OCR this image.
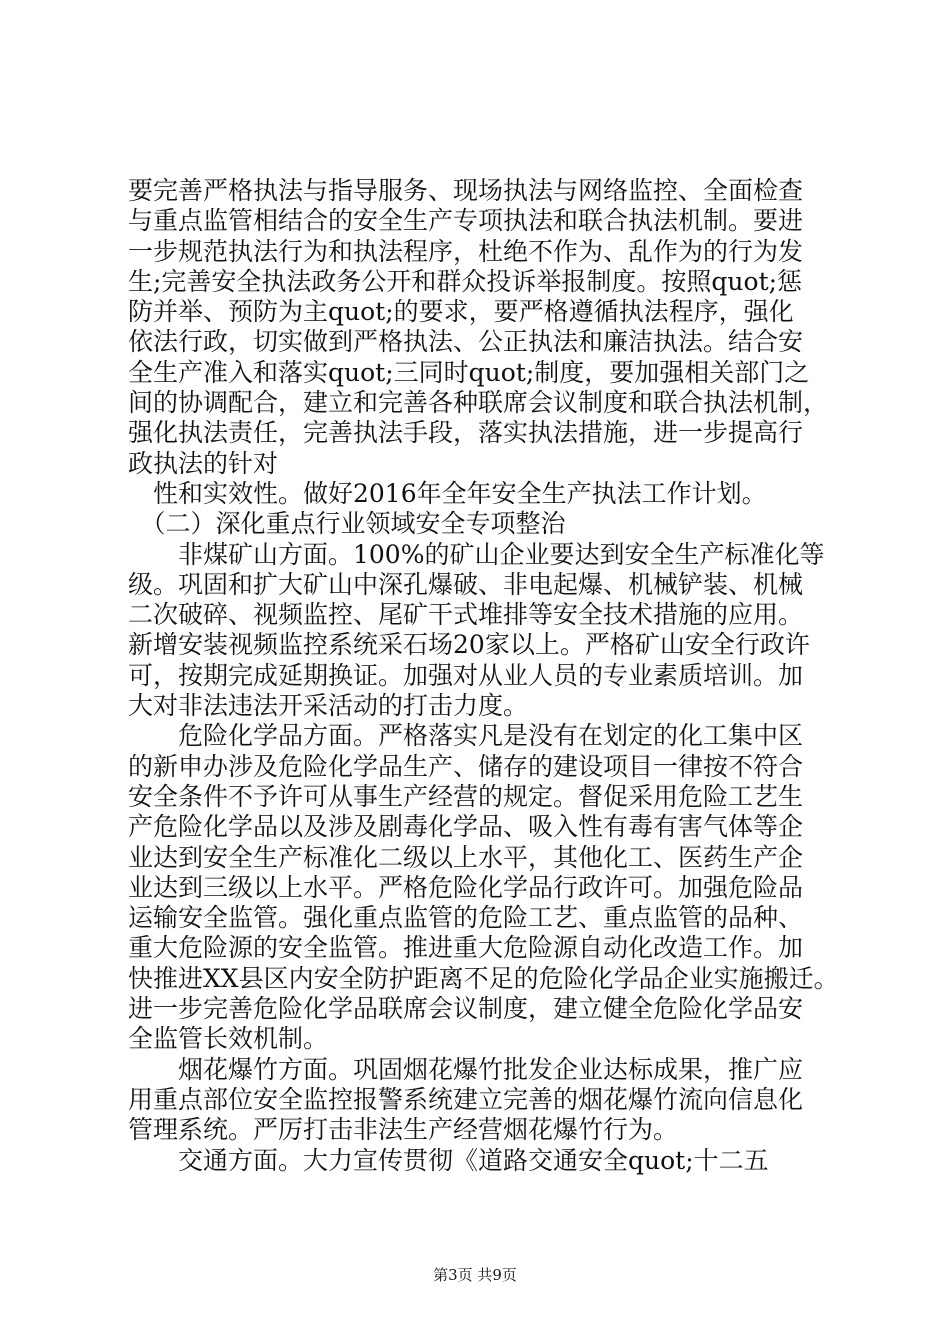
要完善严格执法与指导服务、现场执法与网络监控、全面检查
与重点监管相结合的安全生产专项执法和联合执法机制。要进
一步规范执法行为和执法程序，杜绝不作为、乱作为的行为发
生;完善安全执法政务公开和群众投诉举报制度。按照quot;惩
防并举、预防为主quot;的要求，要严格遵循执法程序，强化
依法行政，切实做到严格执法、公正执法和廉洁执法。结合安
全生产准入和落实quot;三同时quot;制度，要加强相关部门之
间的协调配合，建立和完善各种联席会议制度和联合执法机制，
强化执法责任，完善执法手段，落实执法措施，进一步提高行
政执法的针对
　性和实效性。做好2016年全年安全生产执法工作计划。
　（二）深化重点行业领域安全专项整治
　　非煤矿山方面。100%的矿山企业要达到安全生产标准化等
级。巩固和扩大矿山中深孔爆破、非电起爆、机械铲装、机械
二次破碎、视频监控、尾矿干式堆排等安全技术措施的应用。
新增安装视频监控系统采石场20家以上。严格矿山安全行政许
可，按期完成延期换证。加强对从业人员的专业素质培训。加
大对非法违法开采活动的打击力度。
　　危险化学品方面。严格落实凡是没有在划定的化工集中区
的新申办涉及危险化学品生产、储存的建设项目一律按不符合
安全条件不予许可从事生产经营的规定。督促采用危险工艺生
产危险化学品以及涉及剧毒化学品、吸入性有毒有害气体等企
业达到安全生产标准化二级以上水平，其他化工、医药生产企
业达到三级以上水平。严格危险化学品行政许可。加强危险品
运输安全监管。强化重点监管的危险工艺、重点监管的品种、
重大危险源的安全监管。推进重大危险源自动化改造工作。加
快推进XX县区内安全防护距离不足的危险化学品企业实施搬迁。
进一步完善危险化学品联席会议制度，建立健全危险化学品安
全监管长效机制。
　　烟花爆竹方面。巩固烟花爆竹批发企业达标成果，推广应
用重点部位安全监控报警系统建立完善的烟花爆竹流向信息化
管理系统。严厉打击非法生产经营烟花爆竹行为。
　　交通方面。大力宣传贯彻《道路交通安全quot;十二五
第3页 共9页
